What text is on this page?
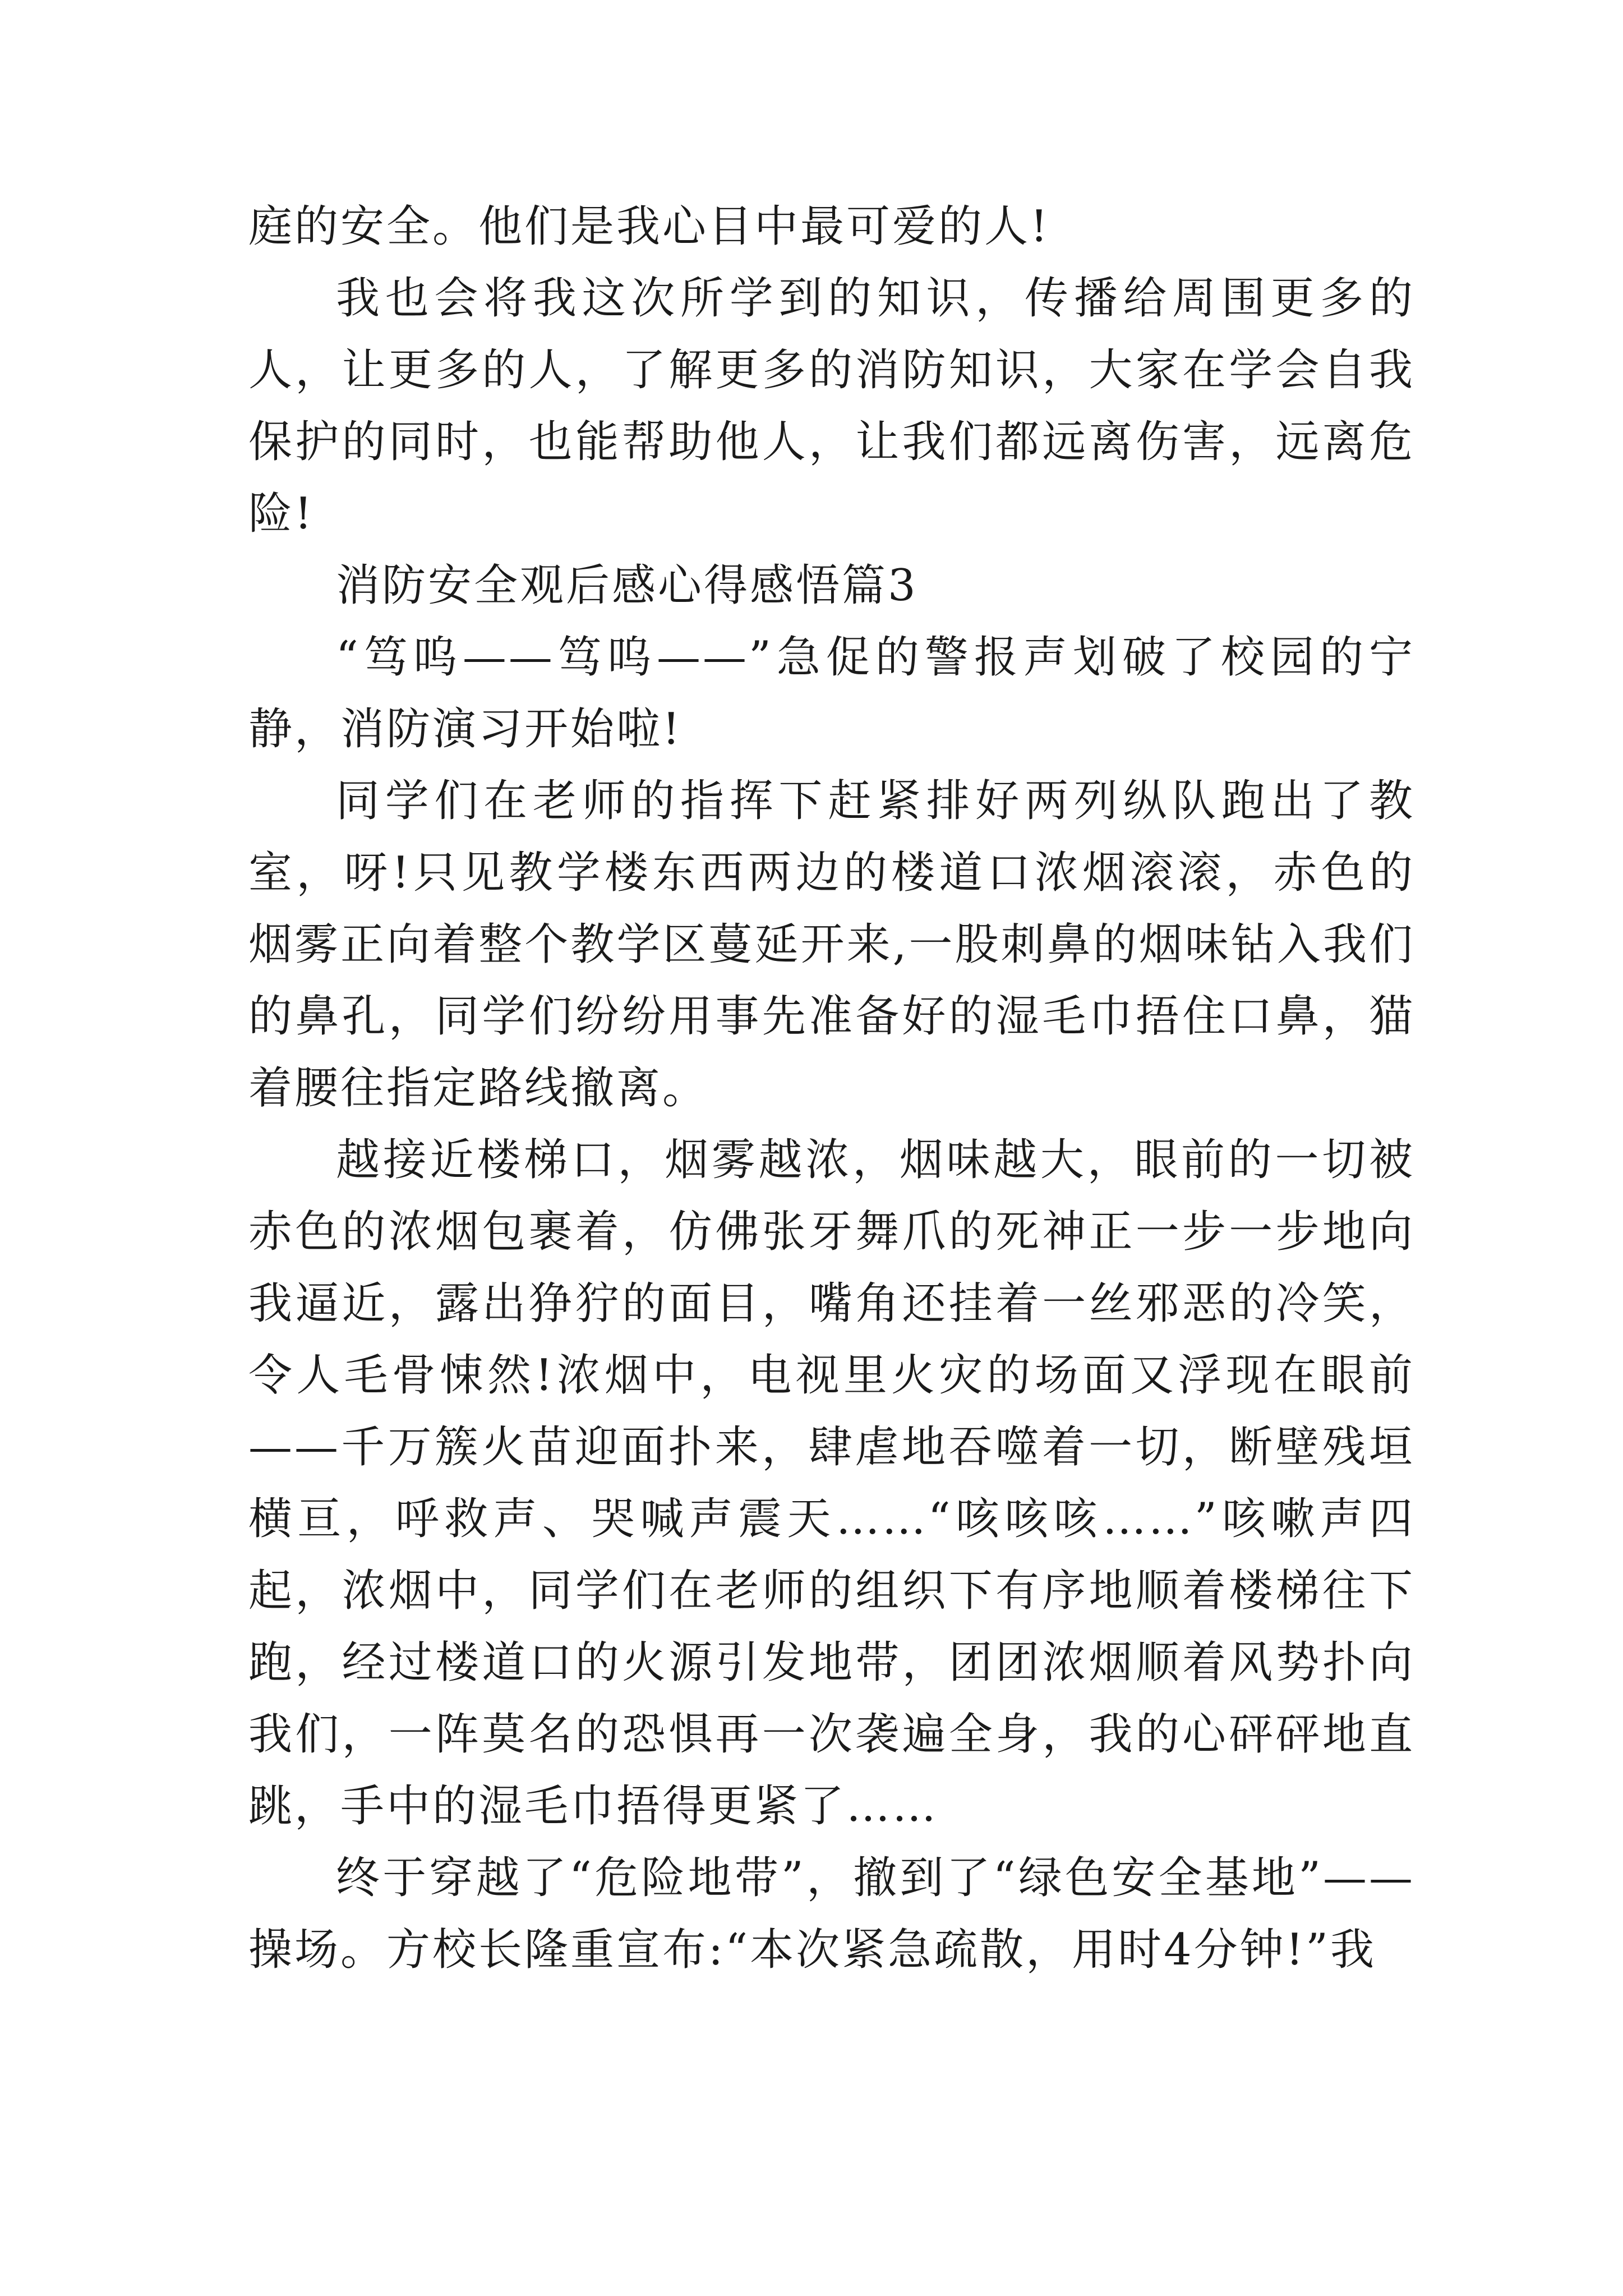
庭的安全。他们是我心目中最可爱的人!

我也会将我这次所学到的知识，传播给周围更多的人，让更多的人，了解更多的消防知识，大家在学会自我保护的同时，也能帮助他人，让我们都远离伤害，远离危险!

消防安全观后感心得感悟篇3

“笃呜——笃呜——”急促的警报声划破了校园的宁静，消防演习开始啦!

同学们在老师的指挥下赶紧排好两列纵队跑出了教室，呀!只见教学楼东西两边的楼道口浓烟滚滚，赤色的烟雾正向着整个教学区蔓延开来,一股刺鼻的烟味钻入我们的鼻孔，同学们纷纷用事先准备好的湿毛巾捂住口鼻，猫着腰往指定路线撤离。

越接近楼梯口，烟雾越浓，烟味越大，眼前的一切被赤色的浓烟包裹着，仿佛张牙舞爪的死神正一步一步地向我逼近，露出狰狞的面目，嘴角还挂着一丝邪恶的冷笑，令人毛骨悚然!浓烟中，电视里火灾的场面又浮现在眼前——千万簇火苗迎面扑来，肆虐地吞噬着一切，断壁残垣横亘，呼救声、哭喊声震天……“咳咳咳……”咳嗽声四起，浓烟中，同学们在老师的组织下有序地顺着楼梯往下跑，经过楼道口的火源引发地带，团团浓烟顺着风势扑向我们，一阵莫名的恐惧再一次袭遍全身，我的心砰砰地直跳，手中的湿毛巾捂得更紧了……

终于穿越了“危险地带”，撤到了“绿色安全基地”——操场。方校长隆重宣布:“本次紧急疏散，用时4分钟!”我
